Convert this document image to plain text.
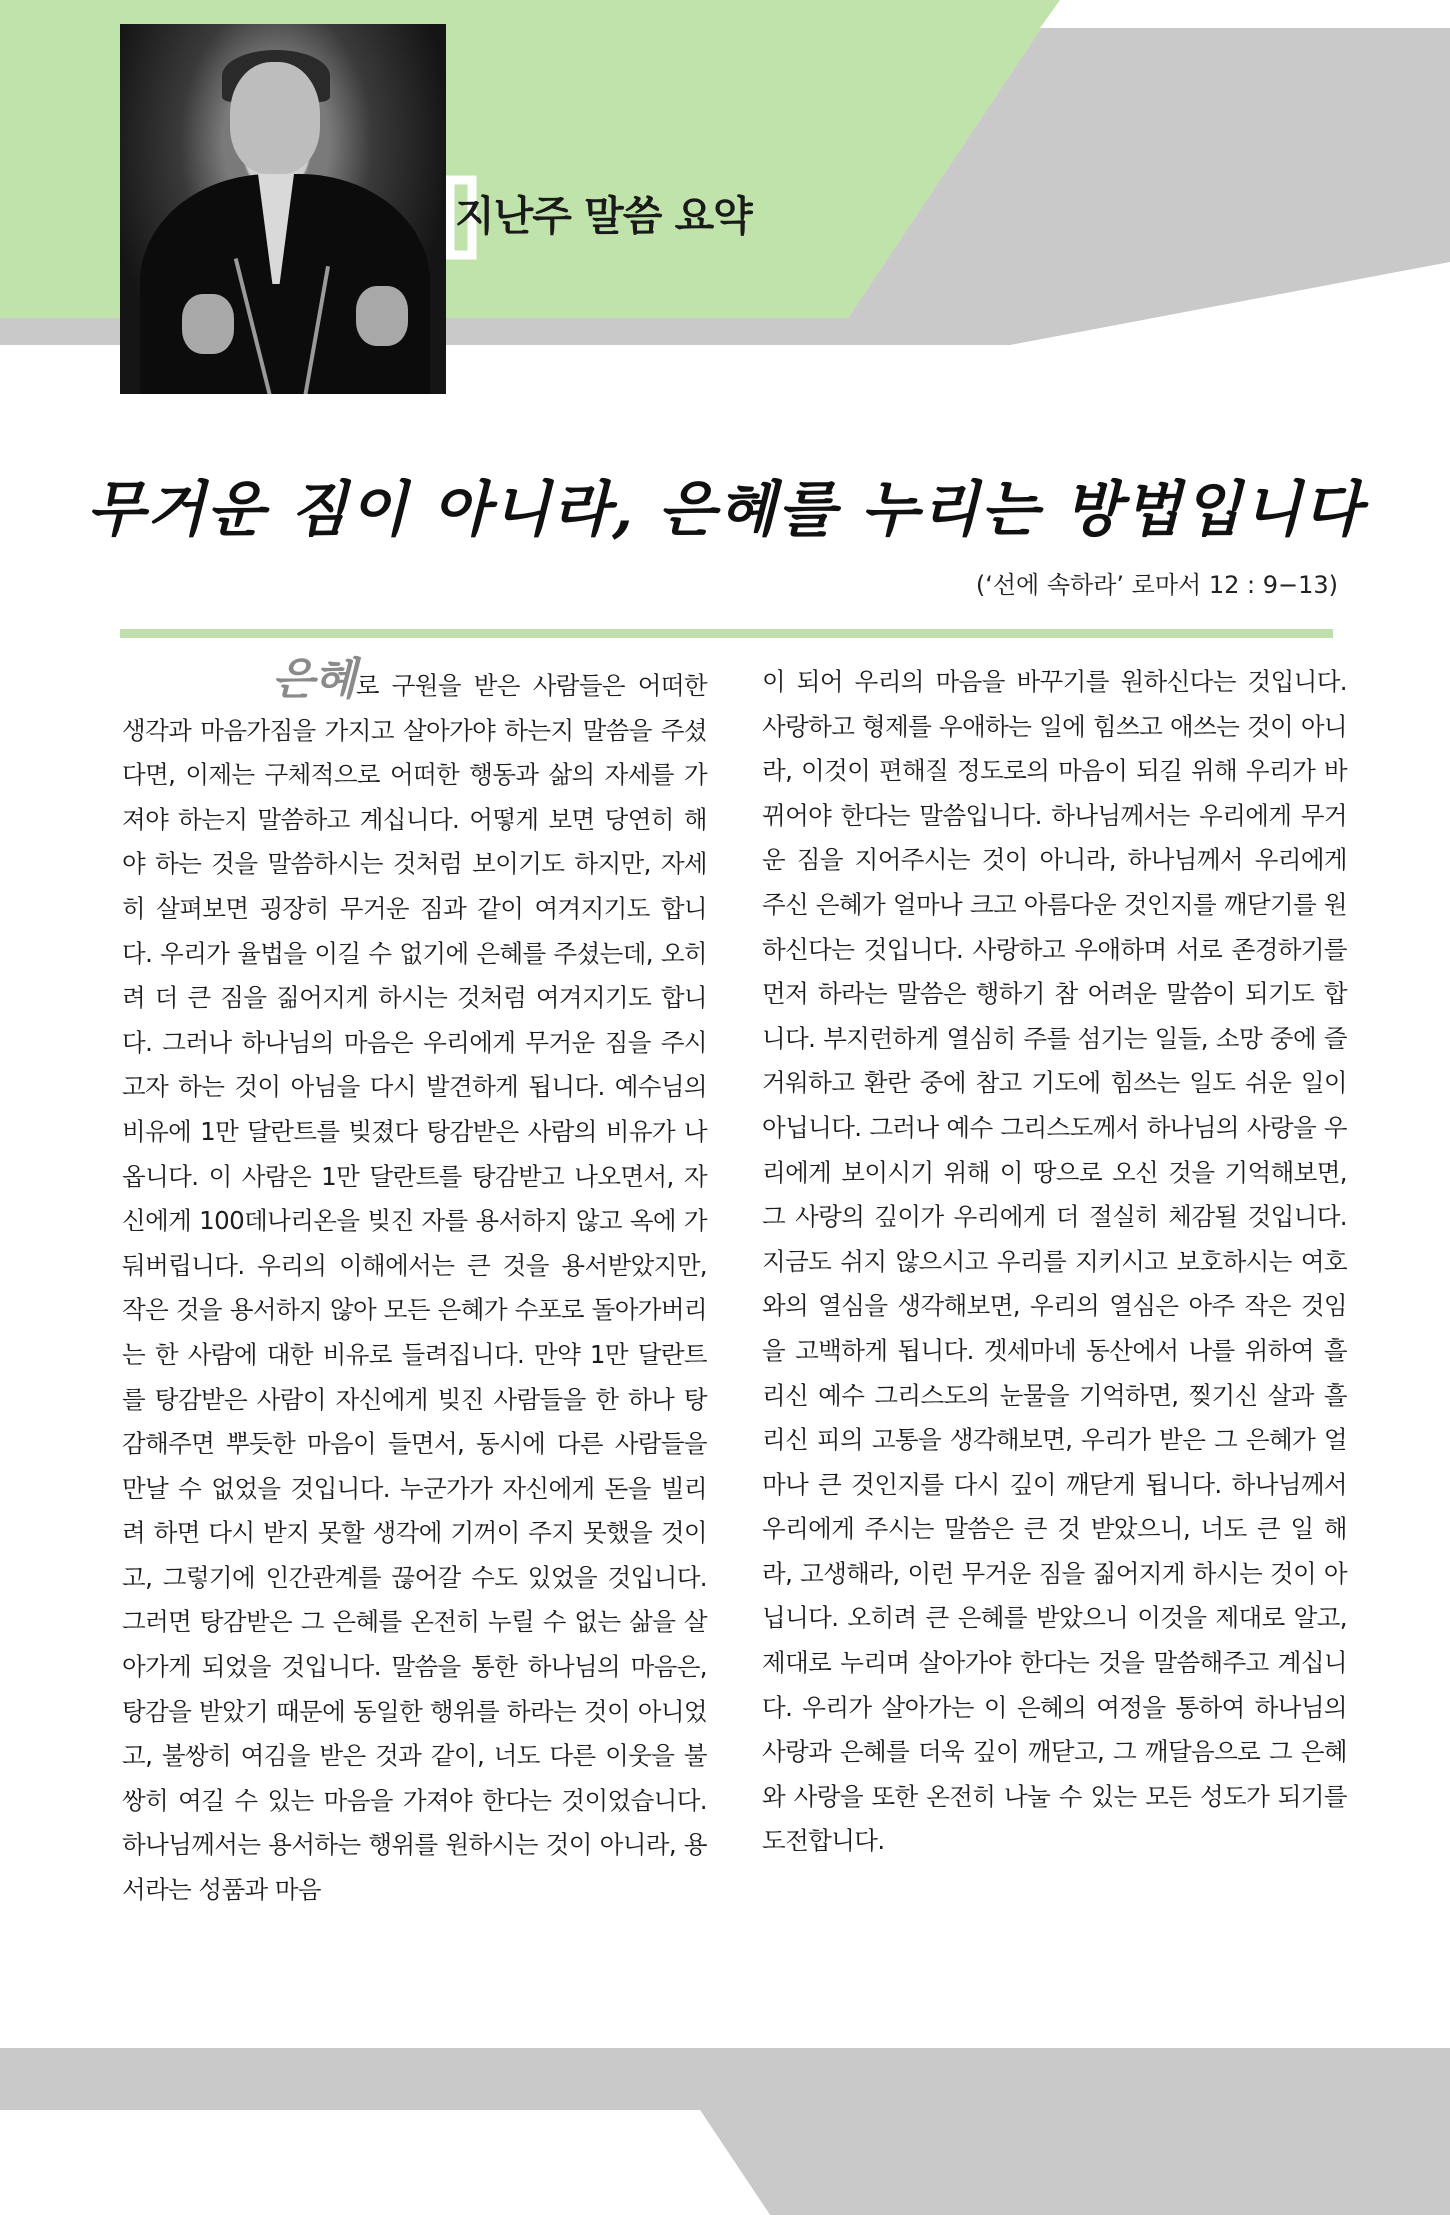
지난주 말씀 요약
무거운 짐이 아니라, 은혜를 누리는 방법입니다
(‘선에 속하라’ 로마서 12 : 9−13)
은혜로 구원을 받은 사람들은 어떠한 생각과 마음가짐을 가지고 살아가야 하는지 말씀을 주셨다면, 이제는 구체적으로 어떠한 행동과 삶의 자세를 가져야 하는지 말씀하고 계십니다. 어떻게 보면 당연히 해야 하는 것을 말씀하시는 것처럼 보이기도 하지만, 자세히 살펴보면 굉장히 무거운 짐과 같이 여겨지기도 합니다. 우리가 율법을 이길 수 없기에 은혜를 주셨는데, 오히려 더 큰 짐을 짊어지게 하시는 것처럼 여겨지기도 합니다. 그러나 하나님의 마음은 우리에게 무거운 짐을 주시고자 하는 것이 아님을 다시 발견하게 됩니다. 예수님의 비유에 1만 달란트를 빚졌다 탕감받은 사람의 비유가 나옵니다. 이 사람은 1만 달란트를 탕감받고 나오면서, 자신에게 100데나리온을 빚진 자를 용서하지 않고 옥에 가둬버립니다. 우리의 이해에서는 큰 것을 용서받았지만, 작은 것을 용서하지 않아 모든 은혜가 수포로 돌아가버리는 한 사람에 대한 비유로 들려집니다. 만약 1만 달란트를 탕감받은 사람이 자신에게 빚진 사람들을 한 하나 탕감해주면 뿌듯한 마음이 들면서, 동시에 다른 사람들을 만날 수 없었을 것입니다. 누군가가 자신에게 돈을 빌리려 하면 다시 받지 못할 생각에 기꺼이 주지 못했을 것이고, 그렇기에 인간관계를 끊어갈 수도 있었을 것입니다. 그러면 탕감받은 그 은혜를 온전히 누릴 수 없는 삶을 살아가게 되었을 것입니다. 말씀을 통한 하나님의 마음은, 탕감을 받았기 때문에 동일한 행위를 하라는 것이 아니었고, 불쌍히 여김을 받은 것과 같이, 너도 다른 이웃을 불쌍히 여길 수 있는 마음을 가져야 한다는 것이었습니다. 하나님께서는 용서하는 행위를 원하시는 것이 아니라, 용서라는 성품과 마음
이 되어 우리의 마음을 바꾸기를 원하신다는 것입니다. 사랑하고 형제를 우애하는 일에 힘쓰고 애쓰는 것이 아니라, 이것이 편해질 정도로의 마음이 되길 위해 우리가 바뀌어야 한다는 말씀입니다. 하나님께서는 우리에게 무거운 짐을 지어주시는 것이 아니라, 하나님께서 우리에게 주신 은혜가 얼마나 크고 아름다운 것인지를 깨닫기를 원하신다는 것입니다. 사랑하고 우애하며 서로 존경하기를 먼저 하라는 말씀은 행하기 참 어려운 말씀이 되기도 합니다. 부지런하게 열심히 주를 섬기는 일들, 소망 중에 즐거워하고 환란 중에 참고 기도에 힘쓰는 일도 쉬운 일이 아닙니다. 그러나 예수 그리스도께서 하나님의 사랑을 우리에게 보이시기 위해 이 땅으로 오신 것을 기억해보면, 그 사랑의 깊이가 우리에게 더 절실히 체감될 것입니다. 지금도 쉬지 않으시고 우리를 지키시고 보호하시는 여호와의 열심을 생각해보면, 우리의 열심은 아주 작은 것임을 고백하게 됩니다. 겟세마네 동산에서 나를 위하여 흘리신 예수 그리스도의 눈물을 기억하면, 찢기신 살과 흘리신 피의 고통을 생각해보면, 우리가 받은 그 은혜가 얼마나 큰 것인지를 다시 깊이 깨닫게 됩니다. 하나님께서 우리에게 주시는 말씀은 큰 것 받았으니, 너도 큰 일 해라, 고생해라, 이런 무거운 짐을 짊어지게 하시는 것이 아닙니다. 오히려 큰 은혜를 받았으니 이것을 제대로 알고, 제대로 누리며 살아가야 한다는 것을 말씀해주고 계십니다. 우리가 살아가는 이 은혜의 여정을 통하여 하나님의 사랑과 은혜를 더욱 깊이 깨닫고, 그 깨달음으로 그 은혜와 사랑을 또한 온전히 나눌 수 있는 모든 성도가 되기를 도전합니다.
